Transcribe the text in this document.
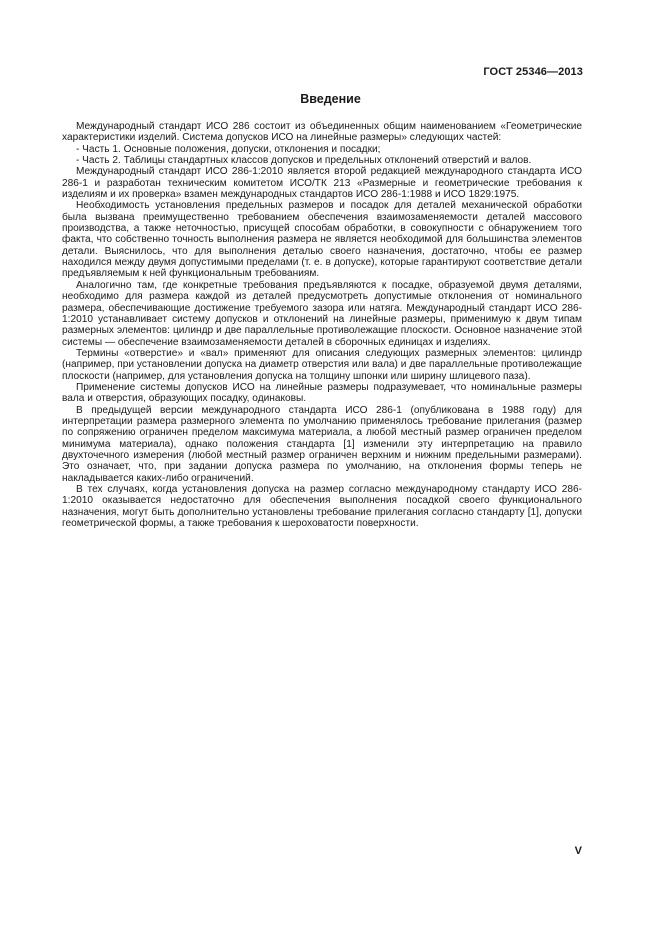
ГОСТ 25346—2013
Введение

Международный стандарт ИСО 286 состоит из объединенных общим наименованием «Геометрические характеристики изделий. Система допусков ИСО на линейные размеры» следующих частей:

- Часть 1. Основные положения, допуски, отклонения и посадки;

- Часть 2. Таблицы стандартных классов допусков и предельных отклонений отверстий и валов.

Международный стандарт ИСО 286-1:2010 является второй редакцией международного стандарта ИСО 286-1 и разработан техническим комитетом ИСО/ТК 213 «Размерные и геометрические требования к изделиям и их проверка» взамен международных стандартов ИСО 286-1:1988 и ИСО 1829:1975.

Необходимость установления предельных размеров и посадок для деталей механической обработки была вызвана преимущественно требованием обеспечения взаимозаменяемости деталей массового производства, а также неточностью, присущей способам обработки, в совокупности с обнаружением того факта, что собственно точность выполнения размера не является необходимой для большинства элементов детали. Выяснилось, что для выполнения деталью своего назначения, достаточно, чтобы ее размер находился между двумя допустимыми пределами (т. е. в допуске), которые гарантируют соответствие детали предъявляемым к ней функциональным требованиям.

Аналогично там, где конкретные требования предъявляются к посадке, образуемой двумя деталями, необходимо для размера каждой из деталей предусмотреть допустимые отклонения от номинального размера, обеспечивающие достижение требуемого зазора или натяга. Международный стандарт ИСО 286-1:2010 устанавливает систему допусков и отклонений на линейные размеры, применимую к двум типам размерных элементов: цилиндр и две параллельные противолежащие плоскости. Основное назначение этой системы — обеспечение взаимозаменяемости деталей в сборочных единицах и изделиях.

Термины «отверстие» и «вал» применяют для описания следующих размерных элементов: цилиндр (например, при установлении допуска на диаметр отверстия или вала) и две параллельные противолежащие плоскости (например, для установления допуска на толщину шпонки или ширину шлицевого паза).

Применение системы допусков ИСО на линейные размеры подразумевает, что номинальные размеры вала и отверстия, образующих посадку, одинаковы.

В предыдущей версии международного стандарта ИСО 286-1 (опубликована в 1988 году) для интерпретации размера размерного элемента по умолчанию применялось требование прилегания (размер по сопряжению ограничен пределом максимума материала, а любой местный размер ограничен пределом минимума материала), однако положения стандарта [1] изменили эту интерпретацию на правило двухточечного измерения (любой местный размер ограничен верхним и нижним предельными размерами). Это означает, что, при задании допуска размера по умолчанию, на отклонения формы теперь не накладывается каких-либо ограничений.

В тех случаях, когда установления допуска на размер согласно международному стандарту ИСО 286-1:2010 оказывается недостаточно для обеспечения выполнения посадкой своего функционального назначения, могут быть дополнительно установлены требование прилегания согласно стандарту [1], допуски геометрической формы, а также требования к шероховатости поверхности.

V
